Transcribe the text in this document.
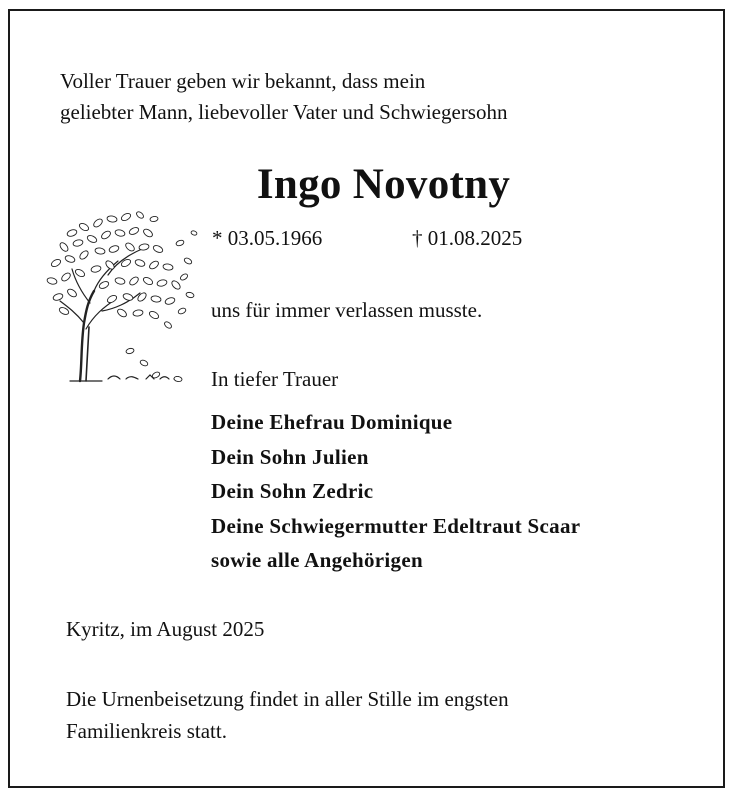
Voller Trauer geben wir bekannt, dass mein
geliebter Mann, liebevoller Vater und Schwiegersohn
Ingo Novotny
* 03.05.1966	† 01.08.2025
uns für immer verlassen musste.
In tiefer Trauer
Deine Ehefrau Dominique
Dein Sohn Julien
Dein Sohn Zedric
Deine Schwiegermutter Edeltraut Scaar
sowie alle Angehörigen
Kyritz, im August 2025
Die Urnenbeisetzung findet in aller Stille im engsten
Familienkreis statt.
